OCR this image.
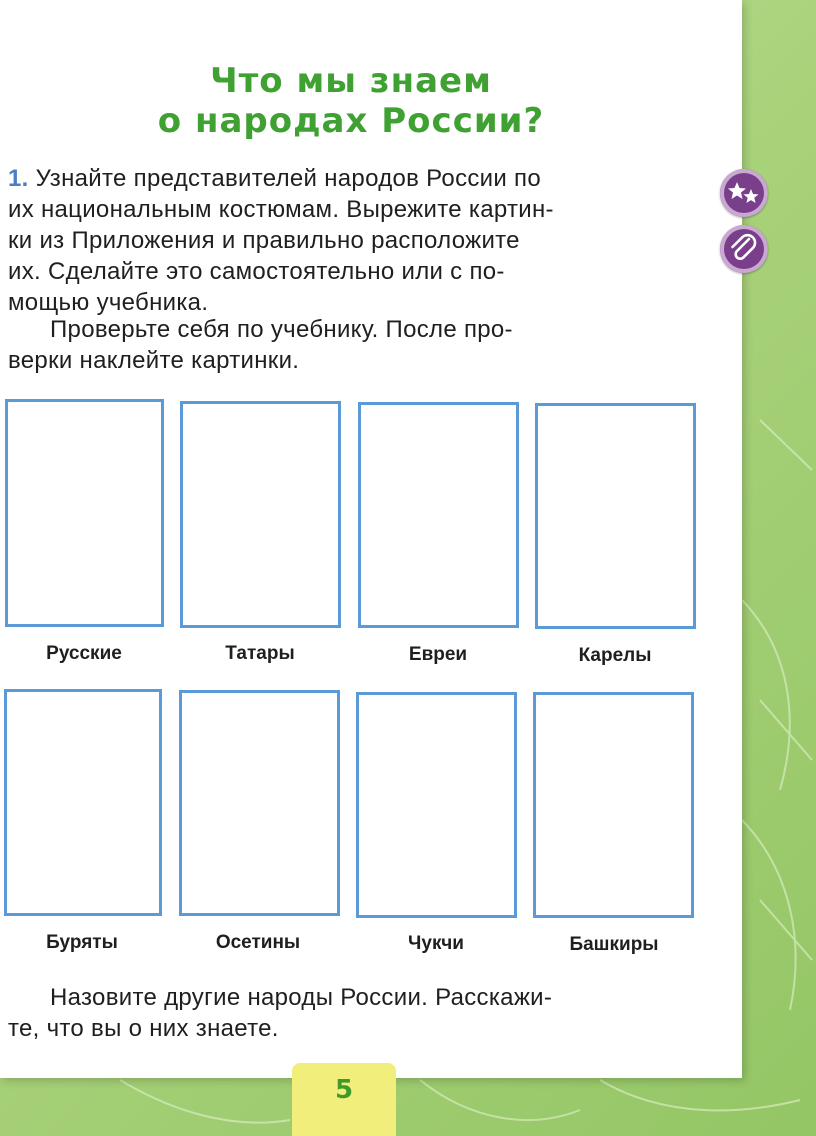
Что мы знаем
о народах России?
1. Узнайте представителей народов России по
их национальным костюмам. Вырежите картин-
ки из Приложения и правильно расположите
их. Сделайте это самостоятельно или с по-
мощью учебника.
Проверьте себя по учебнику. После про-
верки наклейте картинки.
Русские	Татары	Евреи	Карелы
Буряты	Осетины	Чукчи	Башкиры
Назовите другие народы России. Расскажи-
те, что вы о них знаете.
5
